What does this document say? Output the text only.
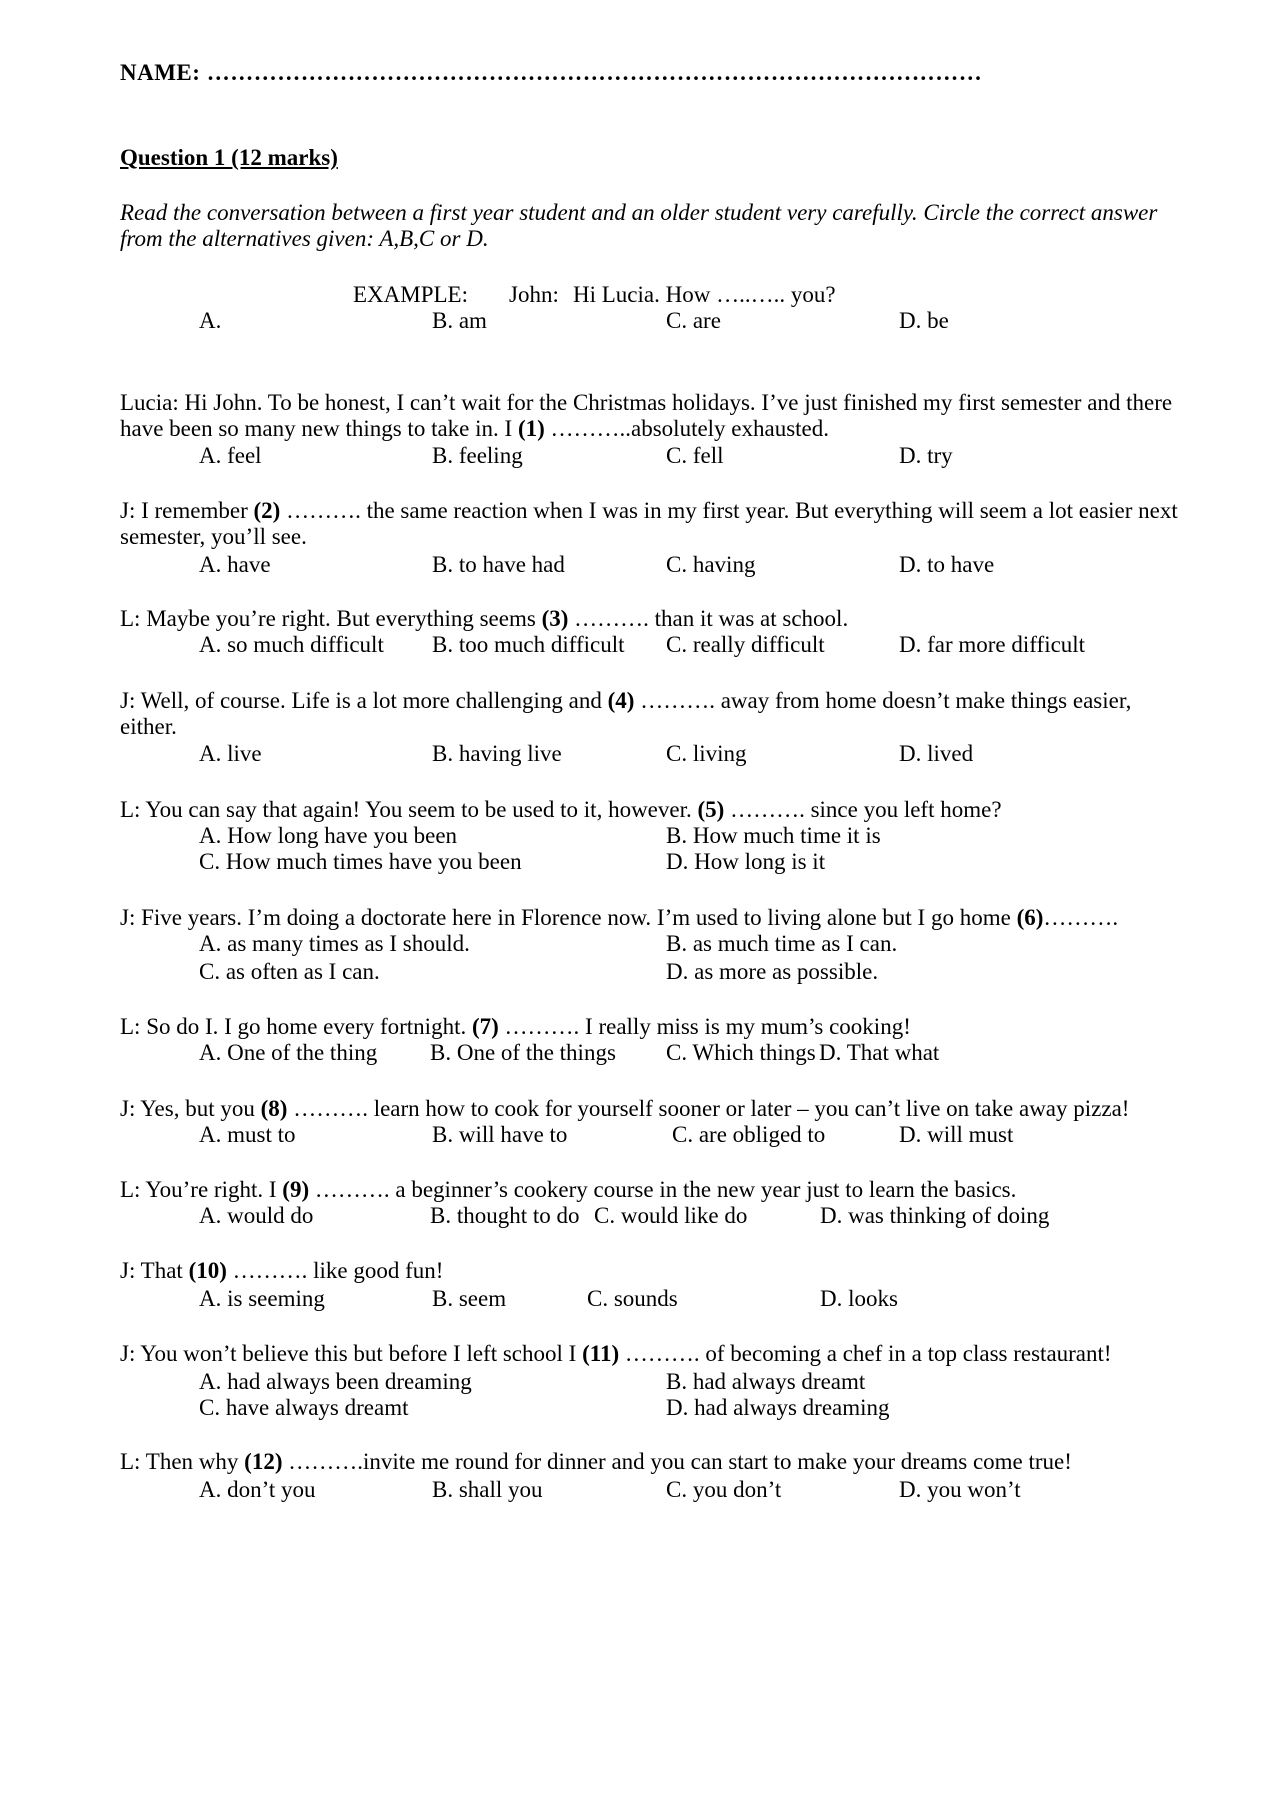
NAME: ………………………………………………………………………………………
Question 1 (12 marks)
Read the conversation between a first year student and an older student very carefully. Circle the correct answer from the alternatives given: A,B,C or D.
EXAMPLE: John: Hi Lucia. How …..….. you?
A.	B. am	C. are	D. be
Lucia: Hi John. To be honest, I can’t wait for the Christmas holidays. I’ve just finished my first semester and there have been so many new things to take in. I (1) ………..absolutely exhausted.
A. feel	B. feeling	C. fell	D. try
J: I remember (2) ………. the same reaction when I was in my first year. But everything will seem a lot easier next semester, you’ll see.
A. have	B. to have had	C. having	D. to have
L: Maybe you’re right. But everything seems (3) ………. than it was at school.
A. so much difficult B. too much difficult C. really difficult	D. far more difficult
J: Well, of course. Life is a lot more challenging and (4) ………. away from home doesn’t make things easier, either.
A. live	B. having live	C. living	D. lived
L: You can say that again! You seem to be used to it, however. (5) ………. since you left home?
A. How long have you been	B. How much time it is
C. How much times have you been	D. How long is it
J: Five years. I’m doing a doctorate here in Florence now. I’m used to living alone but I go home (6)……….
A. as many times as I should.	B. as much time as I can.
C. as often as I can.	D. as more as possible.
L: So do I. I go home every fortnight. (7) ………. I really miss is my mum’s cooking!
A. One of the thing B. One of the things C. Which things D. That what
J: Yes, but you (8) ………. learn how to cook for yourself sooner or later – you can’t live on take away pizza!
A. must to	B. will have to	C. are obliged to	D. will must
L: You’re right. I (9) ………. a beginner’s cookery course in the new year just to learn the basics.
A. would do	B. thought to do C. would like do	D. was thinking of doing
J: That (10) ………. like good fun!
A. is seeming	B. seem	C. sounds	D. looks
J: You won’t believe this but before I left school I (11) ………. of becoming a chef in a top class restaurant!
A. had always been dreaming	B. had always dreamt
C. have always dreamt	D. had always dreaming
L: Then why (12) ……….invite me round for dinner and you can start to make your dreams come true!
A. don’t you	B. shall you	C. you don’t	D. you won’t
